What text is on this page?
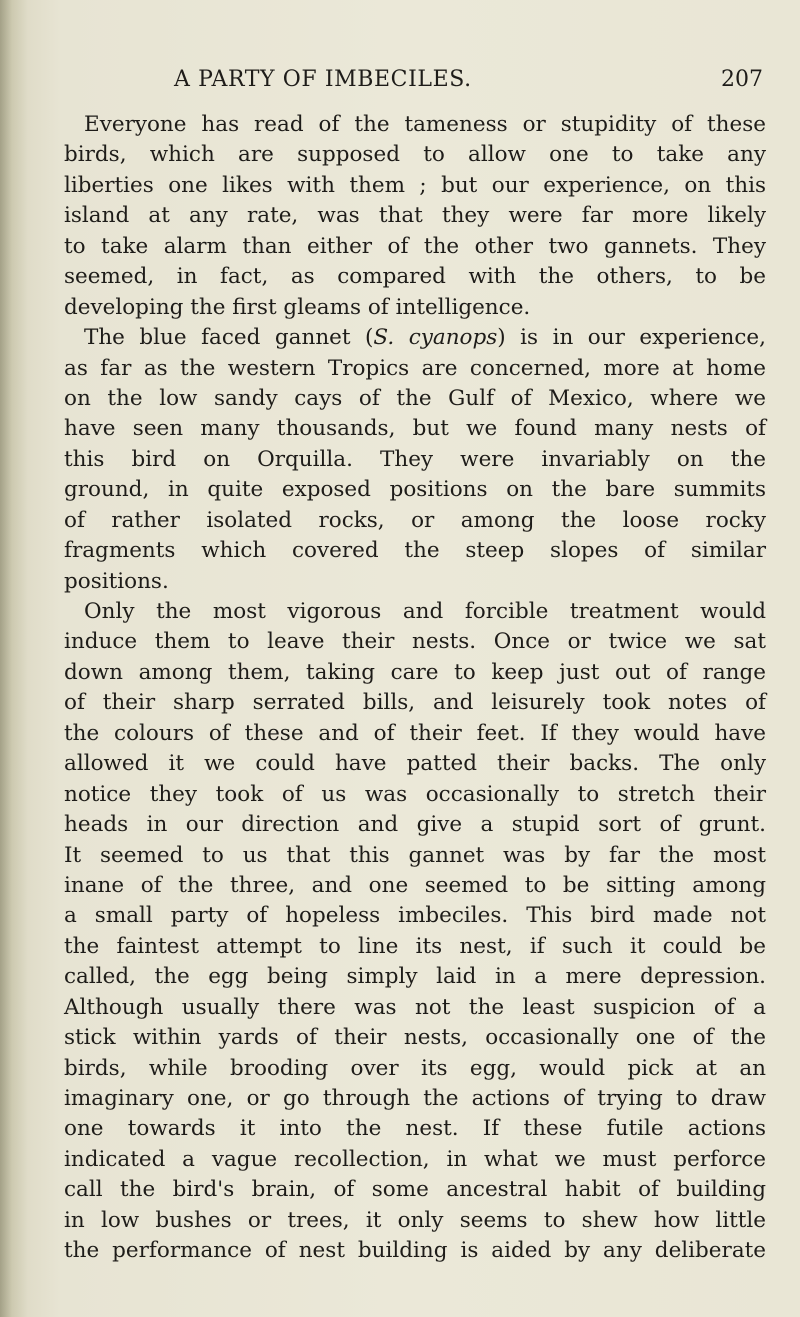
A PARTY OF IMBECILES.	207
Everyone has read of the tameness or stupidity of these
birds, which are supposed to allow one to take any
liberties one likes with them ; but our experience, on this
island at any rate, was that they were far more likely
to take alarm than either of the other two gannets. They
seemed, in fact, as compared with the others, to be
developing the first gleams of intelligence.
The blue faced gannet (S. cyanops) is in our experience,
as far as the western Tropics are concerned, more at home
on the low sandy cays of the Gulf of Mexico, where we
have seen many thousands, but we found many nests of
this bird on Orquilla. They were invariably on the
ground, in quite exposed positions on the bare summits
of rather isolated rocks, or among the loose rocky
fragments which covered the steep slopes of similar
positions.
Only the most vigorous and forcible treatment would
induce them to leave their nests. Once or twice we sat
down among them, taking care to keep just out of range
of their sharp serrated bills, and leisurely took notes of
the colours of these and of their feet. If they would have
allowed it we could have patted their backs. The only
notice they took of us was occasionally to stretch their
heads in our direction and give a stupid sort of grunt.
It seemed to us that this gannet was by far the most
inane of the three, and one seemed to be sitting among
a small party of hopeless imbeciles. This bird made not
the faintest attempt to line its nest, if such it could be
called, the egg being simply laid in a mere depression.
Although usually there was not the least suspicion of a
stick within yards of their nests, occasionally one of the
birds, while brooding over its egg, would pick at an
imaginary one, or go through the actions of trying to draw
one towards it into the nest. If these futile actions
indicated a vague recollection, in what we must perforce
call the bird's brain, of some ancestral habit of building
in low bushes or trees, it only seems to shew how little
the performance of nest building is aided by any deliberate
